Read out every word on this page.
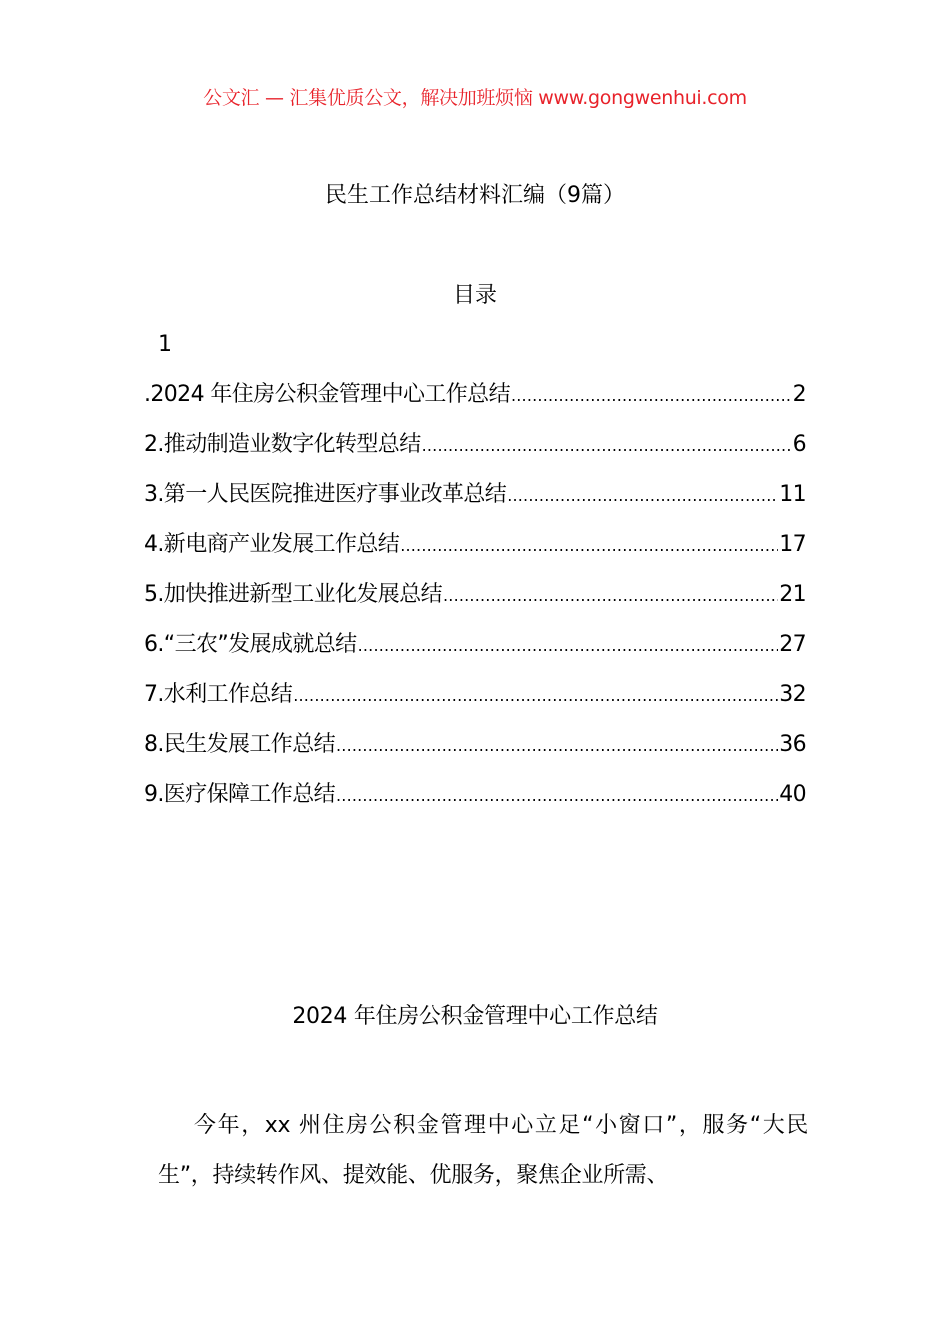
公文汇 — 汇集优质公文，解决加班烦恼 www.gongwenhui.com
民生工作总结材料汇编（9篇）
目录
1
.2024 年住房公积金管理中心工作总结 .....	2
2.推动制造业数字化转型总结 .....	6
3.第一人民医院推进医疗事业改革总结 .....	11
4.新电商产业发展工作总结 .....	17
5.加快推进新型工业化发展总结 .....	21
6.“三农”发展成就总结 .....	27
7.水利工作总结 .....	32
8.民生发展工作总结 .....	36
9.医疗保障工作总结 .....	40
2024 年住房公积金管理中心工作总结

今年，xx 州住房公积金管理中心立足“小窗口”，服务“大民生”，持续转作风、提效能、优服务，聚焦企业所需、
